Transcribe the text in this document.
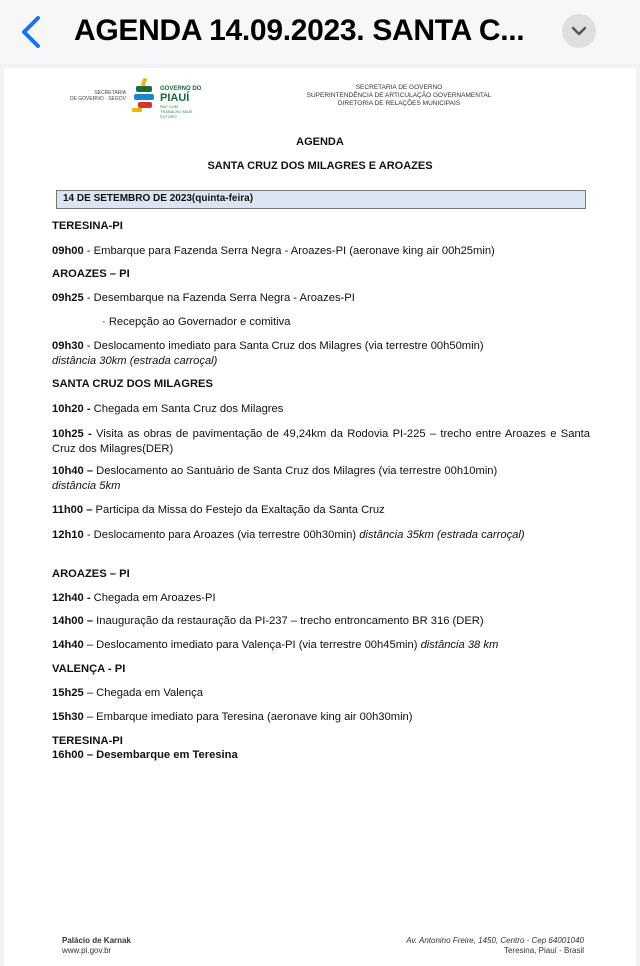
AGENDA 14.09.2023. SANTA C...
SECRETARIA
DE GOVERNO · SEGOV
GOVERNO DO
PIAUÍ
PAZ COM TRABALHO MAIS FUTURO
SECRETARIA DE GOVERNO
SUPERINTENDÊNCIA DE ARTICULAÇÃO GOVERNAMENTAL
DIRETORIA DE RELAÇÕES MUNICIPAIS
AGENDA
SANTA CRUZ DOS MILAGRES E AROAZES
14 DE SETEMBRO DE 2023(quinta-feira)
TERESINA-PI
09h00 - Embarque para Fazenda Serra Negra - Aroazes-PI (aeronave king air 00h25min)
AROAZES – PI
09h25 - Desembarque na Fazenda Serra Negra - Aroazes-PI
· Recepção ao Governador e comitiva
09h30 - Deslocamento imediato para Santa Cruz dos Milagres (via terrestre 00h50min)
distância 30km (estrada carroçal)
SANTA CRUZ DOS MILAGRES
10h20 - Chegada em Santa Cruz dos Milagres
10h25 - Visita as obras de pavimentação de 49,24km da Rodovia PI-225 – trecho entre Aroazes e Santa Cruz dos Milagres(DER)
10h40 – Deslocamento ao Santuário de Santa Cruz dos Milagres (via terrestre 00h10min)
distância 5km
11h00 – Participa da Missa do Festejo da Exaltação da Santa Cruz
12h10 - Deslocamento para Aroazes (via terrestre 00h30min) distância 35km (estrada carroçal)
AROAZES – PI
12h40 - Chegada em Aroazes-PI
14h00 – Inauguração da restauração da PI-237 – trecho entroncamento BR 316 (DER)
14h40 – Deslocamento imediato para Valença-PI (via terrestre 00h45min) distância 38 km
VALENÇA - PI
15h25 – Chegada em Valença
15h30 – Embarque imediato para Teresina (aeronave king air 00h30min)
TERESINA-PI
16h00 – Desembarque em Teresina
Palácio de Karnak
www.pi.gov.br
Av. Antonino Freire, 1450, Centro - Cep 64001040
Teresina, Piauí - Brasil
